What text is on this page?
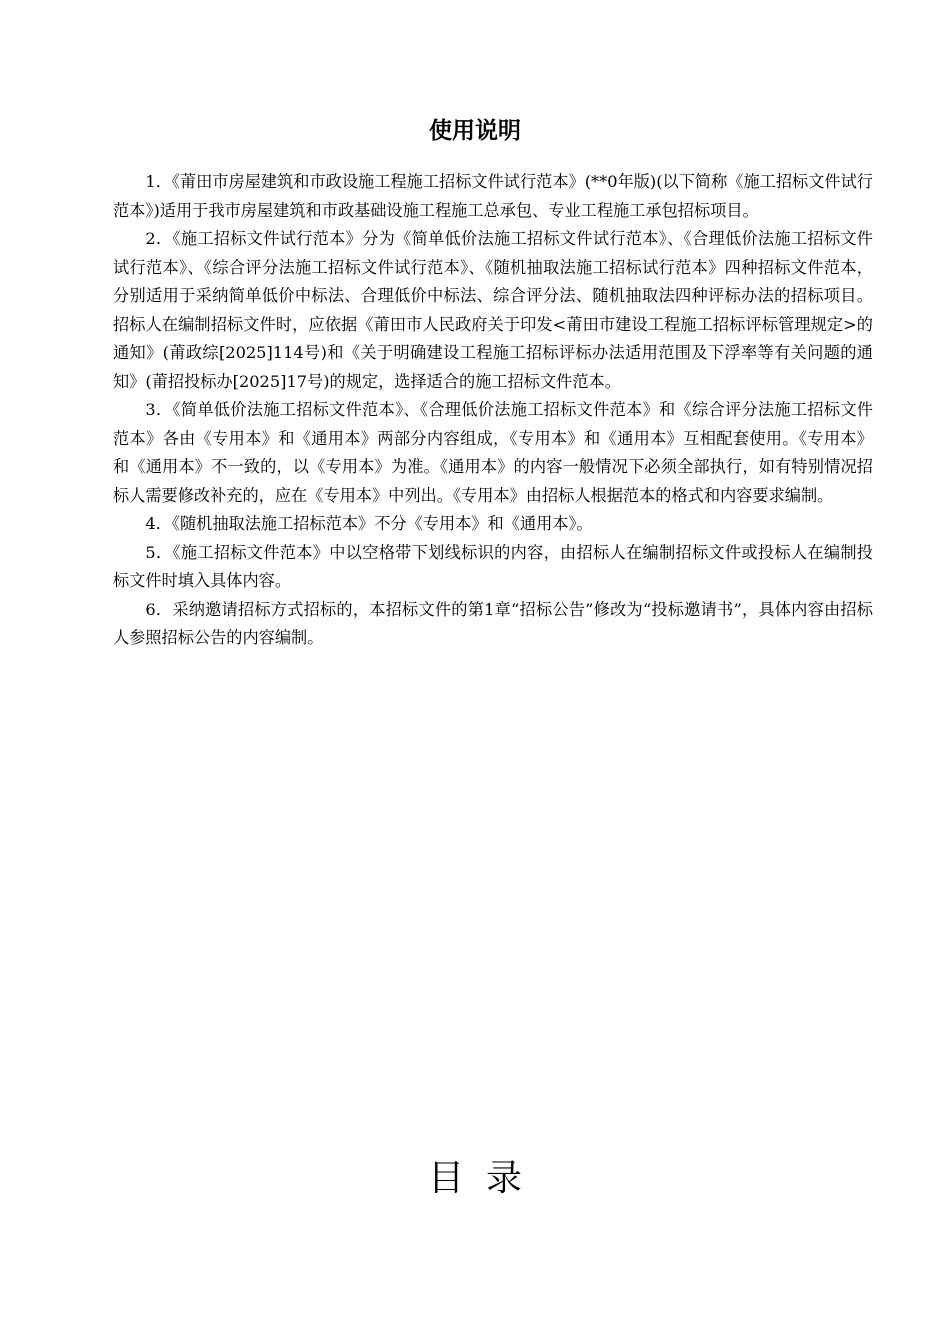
使用说明

1．《莆田市房屋建筑和市政设施工程施工招标文件试行范本》(**0年版)(以下简称《施工招标文件试行范本》)适用于我市房屋建筑和市政基础设施工程施工总承包、专业工程施工承包招标项目。

2．《施工招标文件试行范本》分为《简单低价法施工招标文件试行范本》、《合理低价法施工招标文件试行范本》、《综合评分法施工招标文件试行范本》、《随机抽取法施工招标试行范本》四种招标文件范本，分别适用于采纳简单低价中标法、合理低价中标法、综合评分法、随机抽取法四种评标办法的招标项目。招标人在编制招标文件时，应依据《莆田市人民政府关于印发<莆田市建设工程施工招标评标管理规定>的通知》(莆政综[2025]114号)和《关于明确建设工程施工招标评标办法适用范围及下浮率等有关问题的通知》(莆招投标办[2025]17号)的规定，选择适合的施工招标文件范本。

3．《简单低价法施工招标文件范本》、《合理低价法施工招标文件范本》和《综合评分法施工招标文件范本》各由《专用本》和《通用本》两部分内容组成，《专用本》和《通用本》互相配套使用。《专用本》和《通用本》不一致的，以《专用本》为准。《通用本》的内容一般情况下必须全部执行，如有特别情况招标人需要修改补充的，应在《专用本》中列出。《专用本》由招标人根据范本的格式和内容要求编制。

4．《随机抽取法施工招标范本》不分《专用本》和《通用本》。

5．《施工招标文件范本》中以空格带下划线标识的内容，由招标人在编制招标文件或投标人在编制投标文件时填入具体内容。

6．采纳邀请招标方式招标的，本招标文件的第1章“招标公告”修改为“投标邀请书”，具体内容由招标人参照招标公告的内容编制。

目录
